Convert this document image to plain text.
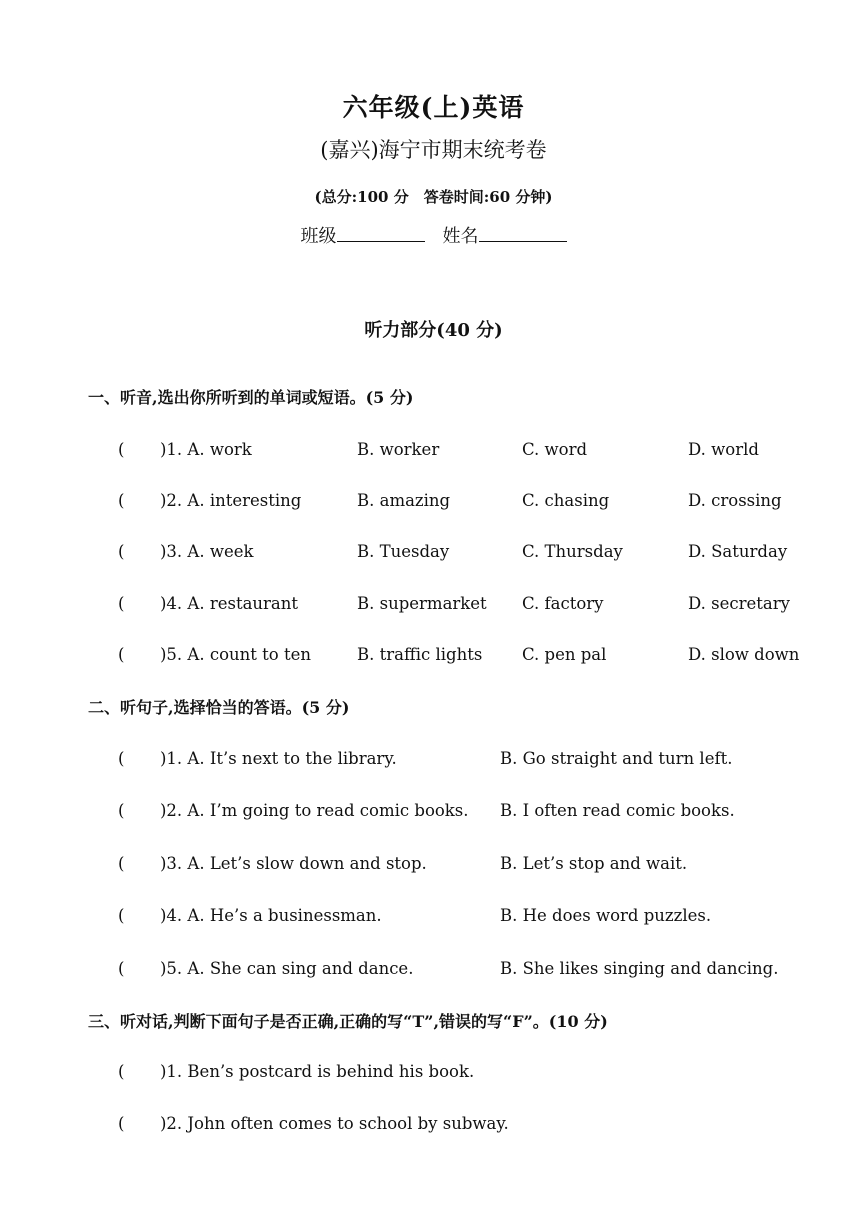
六年级(上)英语
(嘉兴)海宁市期末统考卷
(总分:100 分　答卷时间:60 分钟)
班级	姓名
听力部分(40 分)
一、听音,选出你所听到的单词或短语。(5 分)
( )1. A. work	B. worker	C. word	D. world
( )2. A. interesting	B. amazing	C. chasing	D. crossing
( )3. A. week	B. Tuesday	C. Thursday	D. Saturday
( )4. A. restaurant	B. supermarket C. factory	D. secretary
( )5. A. count to ten	B. traffic lights C. pen pal	D. slow down
二、听句子,选择恰当的答语。(5 分)
( )1. A. It’s next to the library.	B. Go straight and turn left.
( )2. A. I’m going to read comic books. B. I often read comic books.
( )3. A. Let’s slow down and stop.	B. Let’s stop and wait.
( )4. A. He’s a businessman.	B. He does word puzzles.
( )5. A. She can sing and dance.	B. She likes singing and dancing.
三、听对话,判断下面句子是否正确,正确的写“T”,错误的写“F”。(10 分)
( )1. Ben’s postcard is behind his book.
( )2. John often comes to school by subway.
